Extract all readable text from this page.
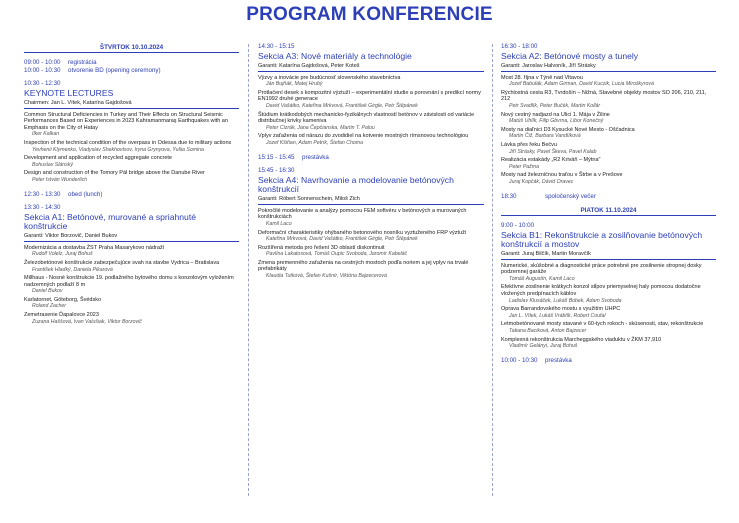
PROGRAM KONFERENCIE
ŠTVRTOK 10.10.2024
09:00 - 10:00 registrácia
10:00 - 10:30 otvorenie BD (opening ceremony)
10:30 - 12:30
KEYNOTE LECTURES
Chairmen: Jan L. Vítek, Katarína Gajdošová
Common Structural Deficiencies in Turkey and Their Effects on Structural Seismic Performances Based on Experiences in 2023 Kahramanmaraş Earthquakes with an Emphasis on the City of Hatay
Ilker Kalkan
Inspection of the technical condition of the overpass in Odessa due to military actions
Yevhenii Klymenko, Viadyslav Shekhovtsov, Iryna Grynyova, Yuliia Somina
Development and application of recycled aggregate concrete
Bohuslav Slánský
Design and construction of the Tomory Pál bridge above the Danube River
Peter István Wunderlich
12:30 - 13:30 obed (lunch)
13:30 - 14:30
Sekcia A1: Betónové, murované a spriahnuté konštrukcie
Garanti: Viktor Borzovič, Daniel Bukov
Modernizácia a dostavba ŽST Praha Masarykovo nádraží
Rudolf Volelz, Juraj Bohuš
Železobetónové konštrukcie zabezpečujúce svah na stavbe Vydrica – Bratislava
František Hladký, Daniela Pikarová
Millhaus - Nosné konštrukcie 19. podlažného bytového domu s konzolovým vyložením nadzemných podlaží 8 m
Daniel Bukov
Karlatornet, Göteborg, Švédsko
Roland Zacher
Zemetrasenie Ďapalovce 2023
Zuzana Haššová, Ivan Valušiak, Viktor Borzovič
14:30 - 15:15
Sekcia A3: Nové materiály a technológie
Garanti: Katarína Gajdošová, Peter Koteš
Výzvy a inovácie pre budúcnosť slovenského stavebníctva
Ján Bujňák, Matej Hrubý
Protlačení desek s kompozitní výztuží – experimentální studie a porovnání s predikcí normy EN1992 druhé generace
David Vašátko, Kateřina Mrkvová, František Girgle, Petr Štěpánek
Štúdium krátkodobých mechanicko-fyzikálnych vlastností betónov v závislosti od variácie distribučnej krivky kameniva
Peter Cizrák, Jana Čepčianska, Martin T. Palou
Vplyv zaťaženia od nárazu do zvodidiel na kotvenie mostných rímsnovou technológiou
Jozef Kšiňan, Adam Petrík, Štefan Choma
15:15 - 15:45 prestávka
15:45 - 16:30
Sekcia A4: Navrhovanie a modelovanie betónových konštrukcií
Garanti: Róbert Sonnenschein, Miloš Zich
Pokročilé modelovanie a analýzy pomocou FEM softvéru v betónových a murovaných konštrukciách
Kamil Laco
Deformační charakteristiky ohýbaného betonového nosníku vyztuženého FRP výztuží
Kateřina Mrkvová, David Vašátko, František Girgle, Petr Štěpánek
Rozšířená metoda pro řešení 3D oblastí diskontinuit
Pavlína Lakatosová, Tomáš Oupic Svoboda, Jaromír Kabeláč
Zmena premenného zaťaženia na cestných mostoch podľa noriem a jej vplyv na trvalé prefabrikáty
Klaudia Tutková, Štefan Kušnír, Viktória Bajzecerová
16:30 - 18:00
Sekcia A2: Betónové mosty a tunely
Garanti: Jaroslav Halvoník, Jiří Strásky
Most 28. října v Týně nad Vltavou
Jozef Babulák, Adam Girman, David Kuczik, Lucia Miroškyrová
Rýchlostná cesta R3, Tvrdošín – Nižná, Stavebné objekty mostov SO 206, 210, 211, 212
Petr Svadlík, Peter Bučék, Martin Kollár
Nový cestný nadjazd na Ulici 1. Mája v Žiline
Matúš Uhlík, Filip Gbvrna, Libor Konečný
Mosty na diaľnici D3 Kysucké Nové Mesto - Oščadnica
Martin Čiž, Barbara Vandlíková
Lávka přes řeku Bečvu
Jiří Strásky, Pavel Škeva, Pavel Kalab
Realizácia estakády „R2 Kriváň – Mýtna"
Peter Pažma
Mosty nad železničnou traťou v Štrbe a v Prešove
Juraj Kopčák, Dávid Oravec
18:30	spoločenský večer
PIATOK 11.10.2024
9:00 - 10:00
Sekcia B1: Rekonštrukcie a zosilňovanie betónových konštrukcií a mostov
Garanti: Juraj Bilčík, Martin Moravčík
Numerické, skúšobné a diagnostické práce potrebné pre zosilnenie stropnej dosky podzemnej garáže
Tomáš Augustín, Kamil Laco
Efektívne zosilnenie krátkych konzol stĺpov priemyselnej haly pomocou dodatočne vložených predpínacích káblov
Ladislav Klusáček, Lukáš Bobek, Adam Svoboda
Oprava Barrandovského mostu s využitím UHPC
Jan L. Vítek, Lukáš Vráblík, Robert Coufal
Letmobetónované mosty stavané v 60-tych rokoch - skúsenosti, stav, rekonštrukcie
Tatiana Baciková, Anton Bajzecer
Komplexná rekonštrukcia Marcheggského viaduktu v ŽKM 37,910
Vladimír Gelányi, Juraj Bohuš
10:00 - 10:30 prestávka
